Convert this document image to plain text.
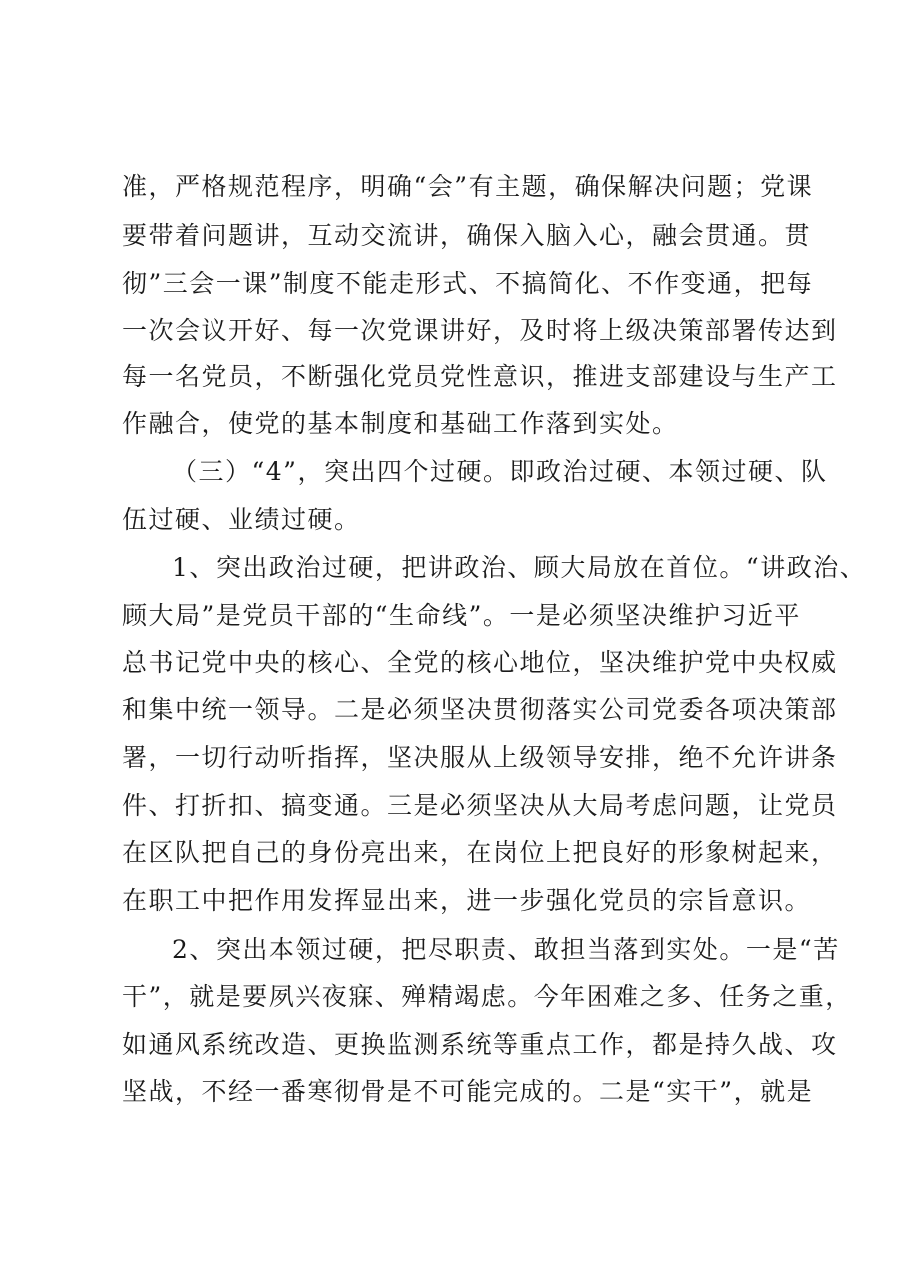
准，严格规范程序，明确“会”有主题，确保解决问题；党课

要带着问题讲，互动交流讲，确保入脑入心，融会贯通。贯

彻”三会一课”制度不能走形式、不搞简化、不作变通，把每

一次会议开好、每一次党课讲好，及时将上级决策部署传达到

每一名党员，不断强化党员党性意识，推进支部建设与生产工

作融合，使党的基本制度和基础工作落到实处。

（三）“4”，突出四个过硬。即政治过硬、本领过硬、队

伍过硬、业绩过硬。

1、突出政治过硬，把讲政治、顾大局放在首位。“讲政治、

顾大局”是党员干部的“生命线”。一是必须坚决维护习近平

总书记党中央的核心、全党的核心地位，坚决维护党中央权威

和集中统一领导。二是必须坚决贯彻落实公司党委各项决策部

署，一切行动听指挥，坚决服从上级领导安排，绝不允许讲条

件、打折扣、搞变通。三是必须坚决从大局考虑问题，让党员

在区队把自己的身份亮出来，在岗位上把良好的形象树起来，

在职工中把作用发挥显出来，进一步强化党员的宗旨意识。

2、突出本领过硬，把尽职责、敢担当落到实处。一是“苦

干”，就是要夙兴夜寐、殚精竭虑。今年困难之多、任务之重，

如通风系统改造、更换监测系统等重点工作，都是持久战、攻

坚战，不经一番寒彻骨是不可能完成的。二是“实干”，就是
